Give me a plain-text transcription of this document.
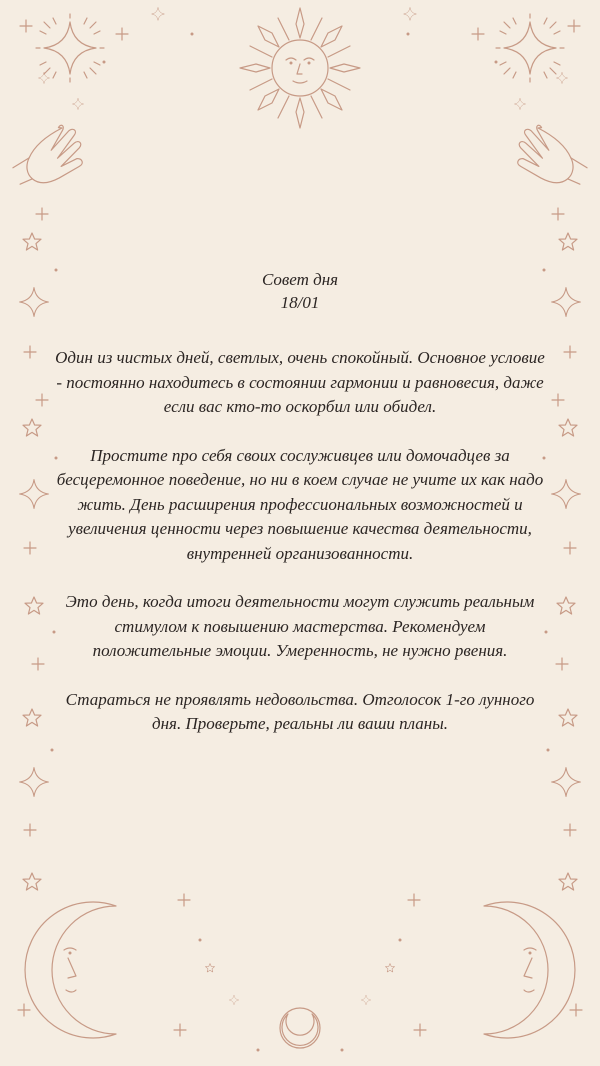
Совет дня

18/01

Один из чистых дней, светлых, очень спокойный. Основное условие - постоянно находитесь в состоянии гармонии и равновесия, даже если вас кто-то оскорбил или обидел.

Простите про себя своих сослуживцев или домочадцев за бесцеремонное поведение, но ни в коем случае не учите их как надо жить. День расширения профессиональных возможностей и увеличения ценности через повышение качества деятельности, внутренней организованности.

Это день, когда итоги деятельности могут служить реальным стимулом к повышению мастерства. Рекомендуем положительные эмоции. Умеренность, не нужно рвения.

Стараться не проявлять недовольства. Отголосок 1-го лунного дня. Проверьте, реальны ли ваши планы.
